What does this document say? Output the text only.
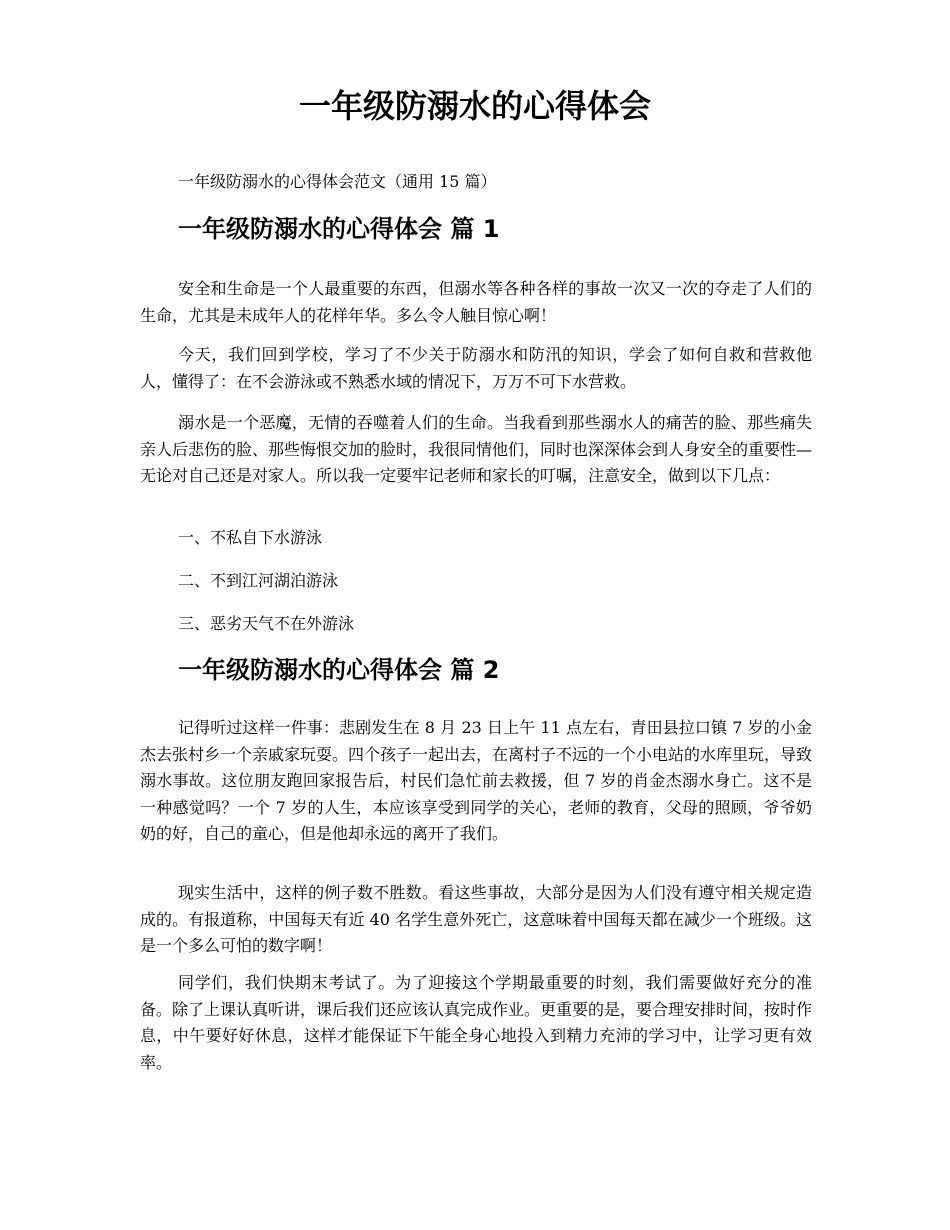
一年级防溺水的心得体会

一年级防溺水的心得体会范文（通用 15 篇）

一年级防溺水的心得体会 篇 1

安全和生命是一个人最重要的东西，但溺水等各种各样的事故一次又一次的夺走了人们的生命，尤其是未成年人的花样年华。多么令人触目惊心啊！

今天，我们回到学校，学习了不少关于防溺水和防汛的知识，学会了如何自救和营救他人，懂得了：在不会游泳或不熟悉水域的情况下，万万不可下水营救。

溺水是一个恶魔，无情的吞噬着人们的生命。当我看到那些溺水人的痛苦的脸、那些痛失亲人后悲伤的脸、那些悔恨交加的脸时，我很同情他们，同时也深深体会到人身安全的重要性—无论对自己还是对家人。所以我一定要牢记老师和家长的叮嘱，注意安全，做到以下几点：

一、不私自下水游泳

二、不到江河湖泊游泳

三、恶劣天气不在外游泳

一年级防溺水的心得体会 篇 2

记得听过这样一件事：悲剧发生在 8 月 23 日上午 11 点左右，青田县拉口镇 7 岁的小金杰去张村乡一个亲戚家玩耍。四个孩子一起出去，在离村子不远的一个小电站的水库里玩，导致溺水事故。这位朋友跑回家报告后，村民们急忙前去救援，但 7 岁的肖金杰溺水身亡。这不是一种感觉吗？一个 7 岁的人生，本应该享受到同学的关心，老师的教育，父母的照顾，爷爷奶奶的好，自己的童心，但是他却永远的离开了我们。

现实生活中，这样的例子数不胜数。看这些事故，大部分是因为人们没有遵守相关规定造成的。有报道称，中国每天有近 40 名学生意外死亡，这意味着中国每天都在减少一个班级。这是一个多么可怕的数字啊！

同学们，我们快期末考试了。为了迎接这个学期最重要的时刻，我们需要做好充分的准备。除了上课认真听讲，课后我们还应该认真完成作业。更重要的是，要合理安排时间，按时作息，中午要好好休息，这样才能保证下午能全身心地投入到精力充沛的学习中，让学习更有效率。
